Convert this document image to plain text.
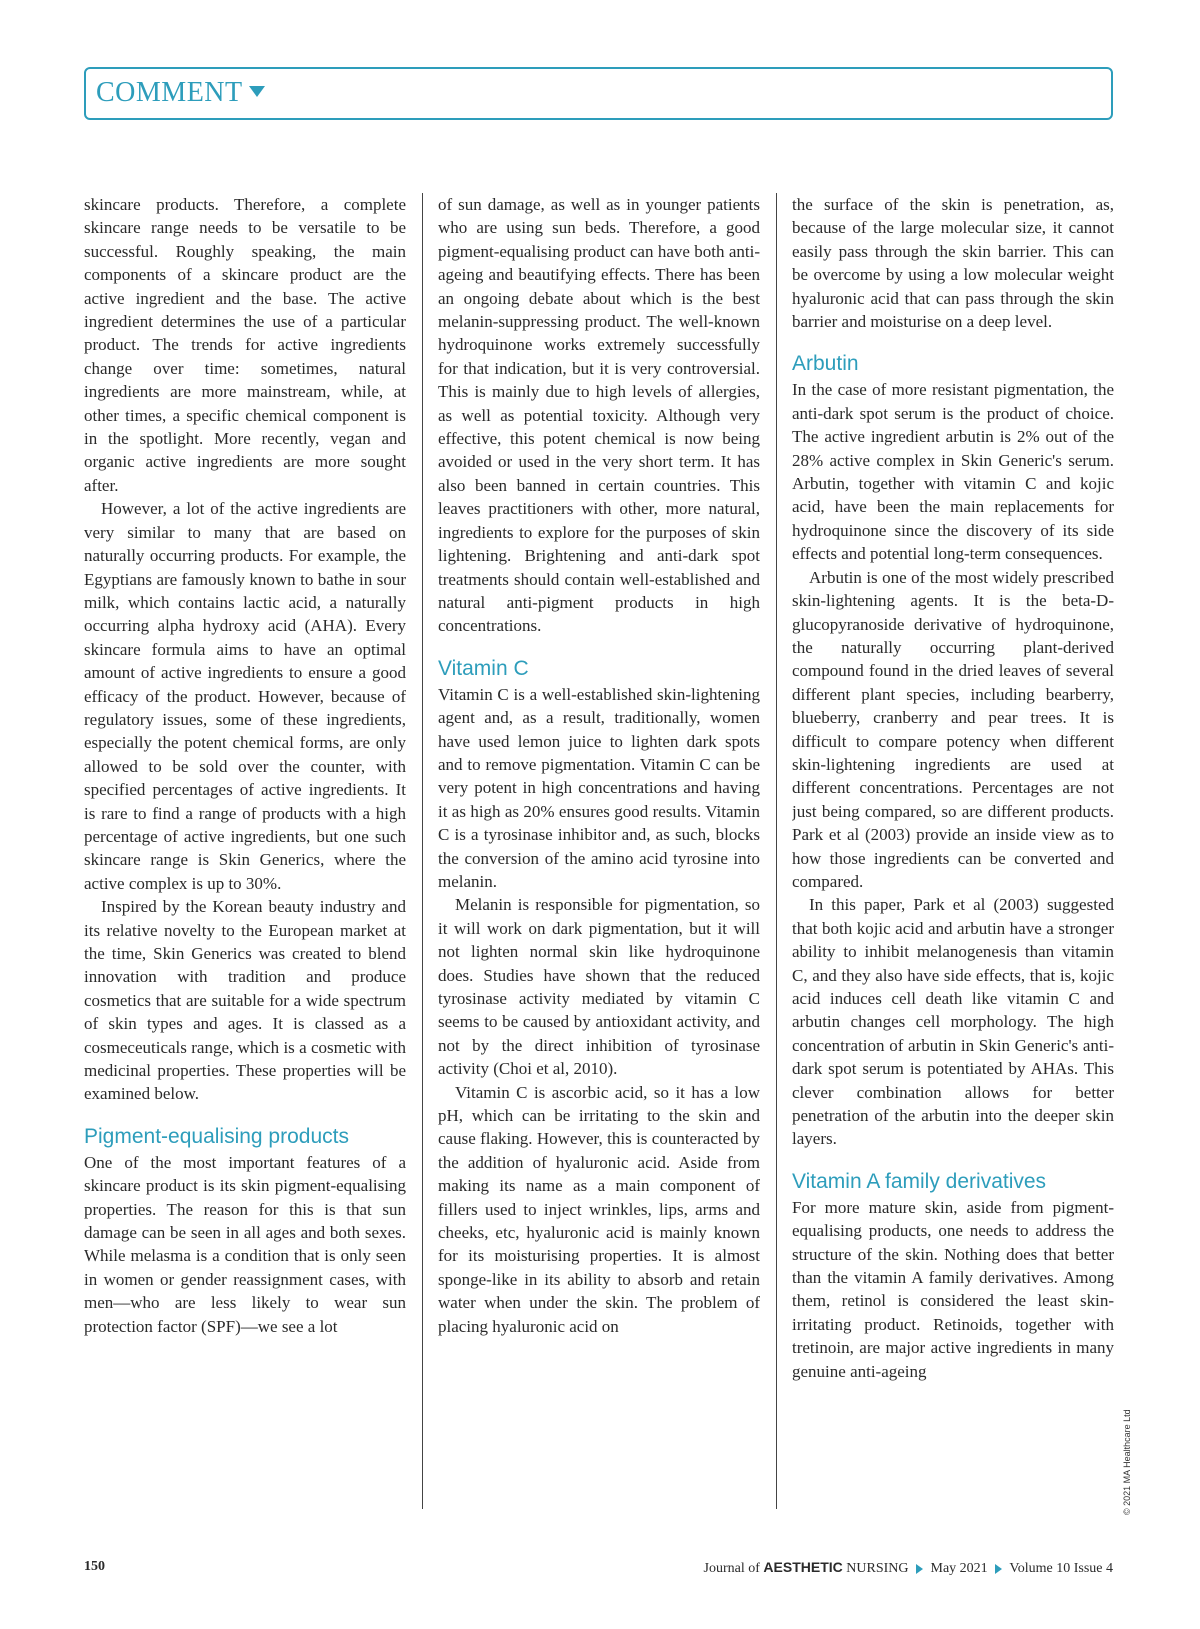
COMMENT

skincare products. Therefore, a complete skincare range needs to be versatile to be successful. Roughly speaking, the main components of a skincare product are the active ingredient and the base. The active ingredient determines the use of a particular product. The trends for active ingredients change over time: sometimes, natural ingredients are more mainstream, while, at other times, a specific chemical component is in the spotlight. More recently, vegan and organic active ingredients are more sought after.

However, a lot of the active ingredients are very similar to many that are based on naturally occurring products. For example, the Egyptians are famously known to bathe in sour milk, which contains lactic acid, a naturally occurring alpha hydroxy acid (AHA). Every skincare formula aims to have an optimal amount of active ingredients to ensure a good efficacy of the product. However, because of regulatory issues, some of these ingredients, especially the potent chemical forms, are only allowed to be sold over the counter, with specified percentages of active ingredients. It is rare to find a range of products with a high percentage of active ingredients, but one such skincare range is Skin Generics, where the active complex is up to 30%.

Inspired by the Korean beauty industry and its relative novelty to the European market at the time, Skin Generics was created to blend innovation with tradition and produce cosmetics that are suitable for a wide spectrum of skin types and ages. It is classed as a cosmeceuticals range, which is a cosmetic with medicinal properties. These properties will be examined below.

Pigment-equalising products

One of the most important features of a skincare product is its skin pigment-equalising properties. The reason for this is that sun damage can be seen in all ages and both sexes. While melasma is a condition that is only seen in women or gender reassignment cases, with men—who are less likely to wear sun protection factor (SPF)—we see a lot

of sun damage, as well as in younger patients who are using sun beds. Therefore, a good pigment-equalising product can have both anti-ageing and beautifying effects. There has been an ongoing debate about which is the best melanin-suppressing product. The well-known hydroquinone works extremely successfully for that indication, but it is very controversial. This is mainly due to high levels of allergies, as well as potential toxicity. Although very effective, this potent chemical is now being avoided or used in the very short term. It has also been banned in certain countries. This leaves practitioners with other, more natural, ingredients to explore for the purposes of skin lightening. Brightening and anti-dark spot treatments should contain well-established and natural anti-pigment products in high concentrations.

Vitamin C

Vitamin C is a well-established skin-lightening agent and, as a result, traditionally, women have used lemon juice to lighten dark spots and to remove pigmentation. Vitamin C can be very potent in high concentrations and having it as high as 20% ensures good results. Vitamin C is a tyrosinase inhibitor and, as such, blocks the conversion of the amino acid tyrosine into melanin.

Melanin is responsible for pigmentation, so it will work on dark pigmentation, but it will not lighten normal skin like hydroquinone does. Studies have shown that the reduced tyrosinase activity mediated by vitamin C seems to be caused by antioxidant activity, and not by the direct inhibition of tyrosinase activity (Choi et al, 2010).

Vitamin C is ascorbic acid, so it has a low pH, which can be irritating to the skin and cause flaking. However, this is counteracted by the addition of hyaluronic acid. Aside from making its name as a main component of fillers used to inject wrinkles, lips, arms and cheeks, etc, hyaluronic acid is mainly known for its moisturising properties. It is almost sponge-like in its ability to absorb and retain water when under the skin. The problem of placing hyaluronic acid on

the surface of the skin is penetration, as, because of the large molecular size, it cannot easily pass through the skin barrier. This can be overcome by using a low molecular weight hyaluronic acid that can pass through the skin barrier and moisturise on a deep level.

Arbutin

In the case of more resistant pigmentation, the anti-dark spot serum is the product of choice. The active ingredient arbutin is 2% out of the 28% active complex in Skin Generic's serum. Arbutin, together with vitamin C and kojic acid, have been the main replacements for hydroquinone since the discovery of its side effects and potential long-term consequences.

Arbutin is one of the most widely prescribed skin-lightening agents. It is the beta-D-glucopyranoside derivative of hydroquinone, the naturally occurring plant-derived compound found in the dried leaves of several different plant species, including bearberry, blueberry, cranberry and pear trees. It is difficult to compare potency when different skin-lightening ingredients are used at different concentrations. Percentages are not just being compared, so are different products. Park et al (2003) provide an inside view as to how those ingredients can be converted and compared.

In this paper, Park et al (2003) suggested that both kojic acid and arbutin have a stronger ability to inhibit melanogenesis than vitamin C, and they also have side effects, that is, kojic acid induces cell death like vitamin C and arbutin changes cell morphology. The high concentration of arbutin in Skin Generic's anti-dark spot serum is potentiated by AHAs. This clever combination allows for better penetration of the arbutin into the deeper skin layers.

Vitamin A family derivatives

For more mature skin, aside from pigment-equalising products, one needs to address the structure of the skin. Nothing does that better than the vitamin A family derivatives. Among them, retinol is considered the least skin-irritating product. Retinoids, together with tretinoin, are major active ingredients in many genuine anti-ageing

© 2021 MA Healthcare Ltd
150	Journal of AESTHETIC NURSING May 2021 Volume 10 Issue 4
